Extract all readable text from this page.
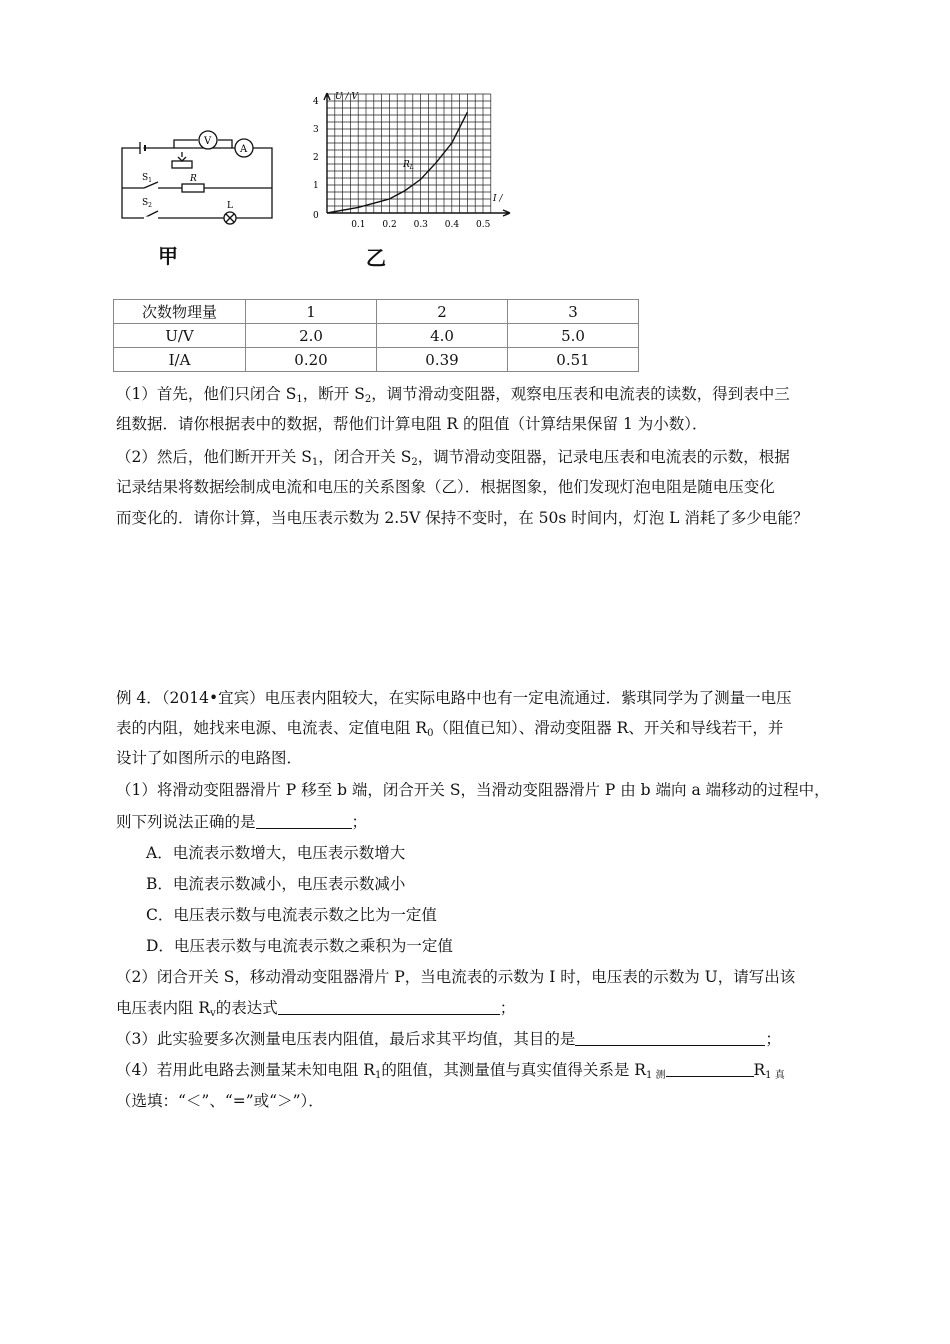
V
A
$S_1$	R
$S_2$	L
甲
U / V
I /
$R_L$
0
1
2
3
4
0.1 0.2 0.3 0.4 0.5
乙
次数物理量	1	2	3
U/V	2.0	4.0	5.0
I/A	0.20	0.39	0.51
（1）首先，他们只闭合 $S_1$，断开 $S_2$，调节滑动变阻器，观察电压表和电流表的读数，得到表中三
组数据．请你根据表中的数据，帮他们计算电阻 R 的阻值（计算结果保留 1 为小数）．
（2）然后，他们断开开关 $S_1$，闭合开关 $S_2$，调节滑动变阻器，记录电压表和电流表的示数，根据
记录结果将数据绘制成电流和电压的关系图象（乙）．根据图象，他们发现灯泡电阻是随电压变化
而变化的．请你计算，当电压表示数为 2.5V 保持不变时，在 50s 时间内，灯泡 L 消耗了多少电能？
例 4．（2014•宜宾）电压表内阻较大，在实际电路中也有一定电流通过．紫琪同学为了测量一电压
表的内阻，她找来电源、电流表、定值电阻 $R_0$（阻值已知）、滑动变阻器 R、开关和导线若干，并
设计了如图所示的电路图．
（1）将滑动变阻器滑片 P 移至 b 端，闭合开关 S，当滑动变阻器滑片 P 由 b 端向 a 端移动的过程中，
则下列说法正确的是	；
A．电流表示数增大，电压表示数增大
B．电流表示数减小，电压表示数减小
C．电压表示数与电流表示数之比为一定值
D．电压表示数与电流表示数之乘积为一定值
（2）闭合开关 S，移动滑动变阻器滑片 P，当电流表的示数为 I 时，电压表的示数为 U，请写出该
电压表内阻 $R_v$的表达式	；
（3）此实验要多次测量电压表内阻值，最后求其平均值，其目的是	；
（4）若用此电路去测量某未知电阻 $R_1$的阻值，其测量值与真实值得关系是 $R_{1 测}$	$R_{1 真}$
（选填：“＜”、“=”或“＞”）．
